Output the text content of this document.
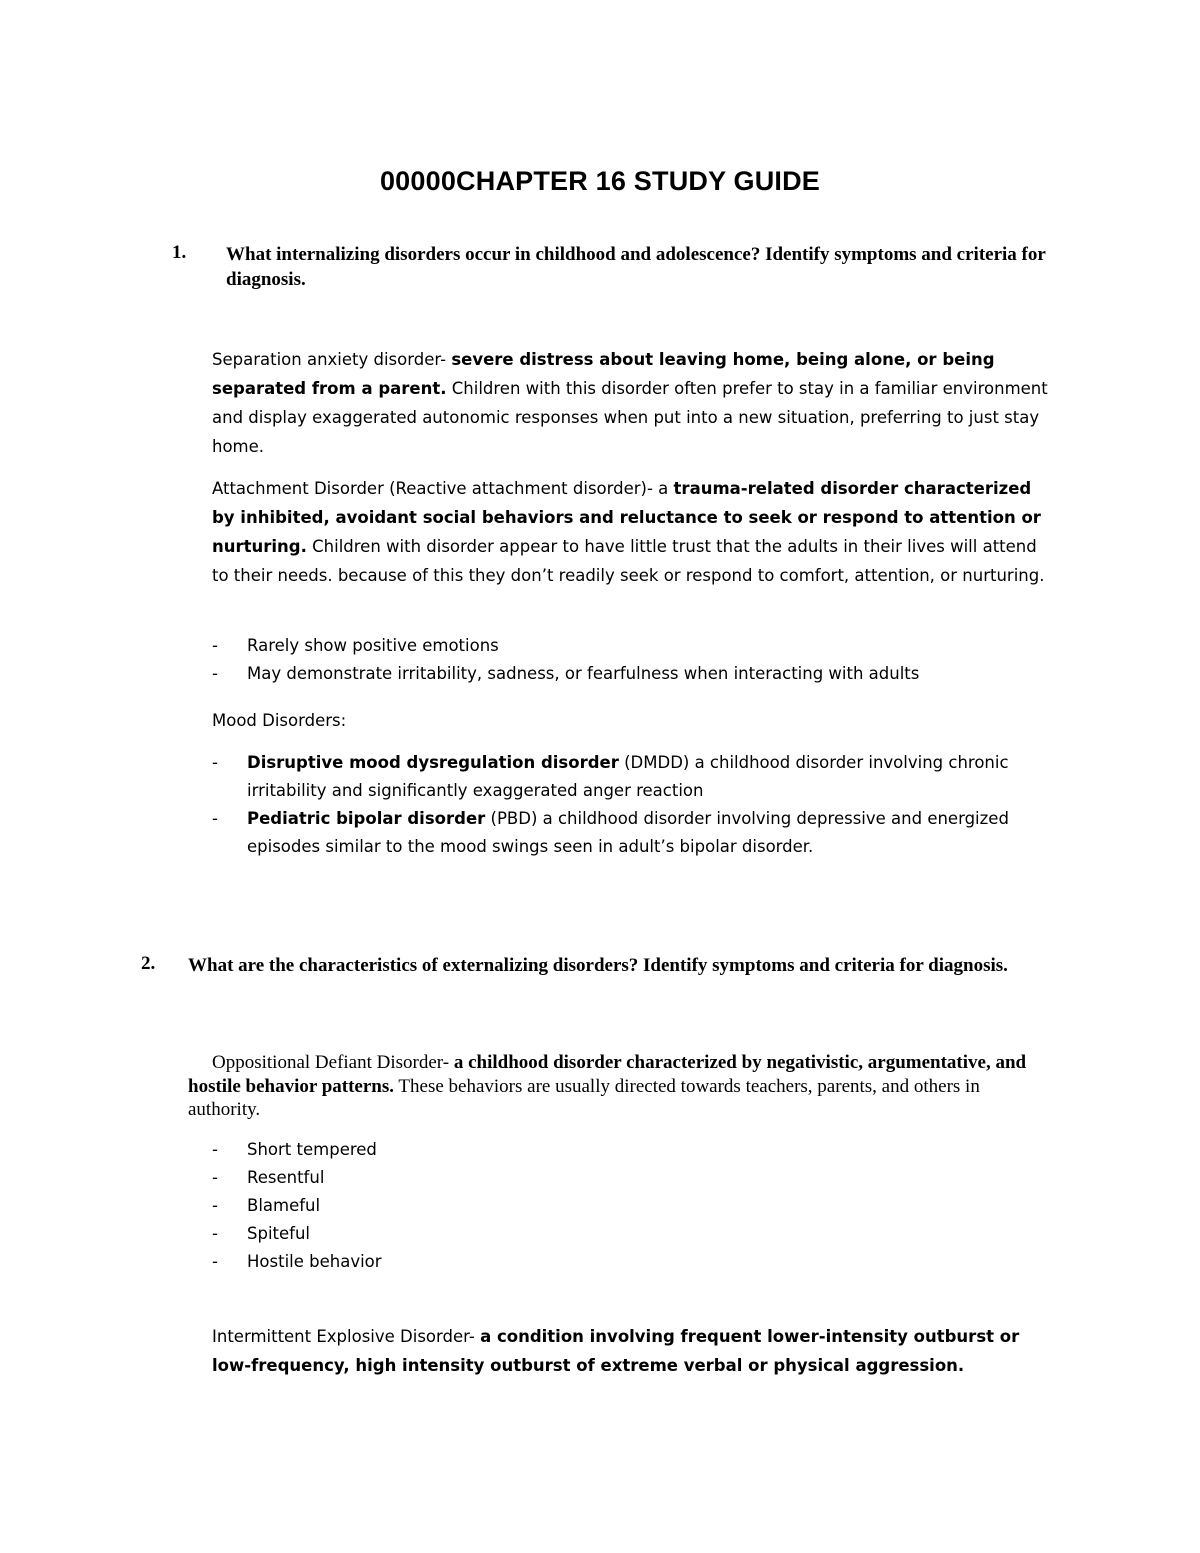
00000CHAPTER 16 STUDY GUIDE
1. What internalizing disorders occur in childhood and adolescence? Identify symptoms and criteria for diagnosis.
Separation anxiety disorder- severe distress about leaving home, being alone, or being separated from a parent. Children with this disorder often prefer to stay in a familiar environment and display exaggerated autonomic responses when put into a new situation, preferring to just stay home.
Attachment Disorder (Reactive attachment disorder)- a trauma-related disorder characterized by inhibited, avoidant social behaviors and reluctance to seek or respond to attention or nurturing. Children with disorder appear to have little trust that the adults in their lives will attend to their needs. because of this they don’t readily seek or respond to comfort, attention, or nurturing.
- Rarely show positive emotions
- May demonstrate irritability, sadness, or fearfulness when interacting with adults
Mood Disorders:
- Disruptive mood dysregulation disorder (DMDD) a childhood disorder involving chronic irritability and significantly exaggerated anger reaction
- Pediatric bipolar disorder (PBD) a childhood disorder involving depressive and energized episodes similar to the mood swings seen in adult’s bipolar disorder.
2. What are the characteristics of externalizing disorders? Identify symptoms and criteria for diagnosis.
Oppositional Defiant Disorder- a childhood disorder characterized by negativistic, argumentative, and hostile behavior patterns. These behaviors are usually directed towards teachers, parents, and others in authority.
- Short tempered
- Resentful
- Blameful
- Spiteful
- Hostile behavior
Intermittent Explosive Disorder- a condition involving frequent lower-intensity outburst or low-frequency, high intensity outburst of extreme verbal or physical aggression.
